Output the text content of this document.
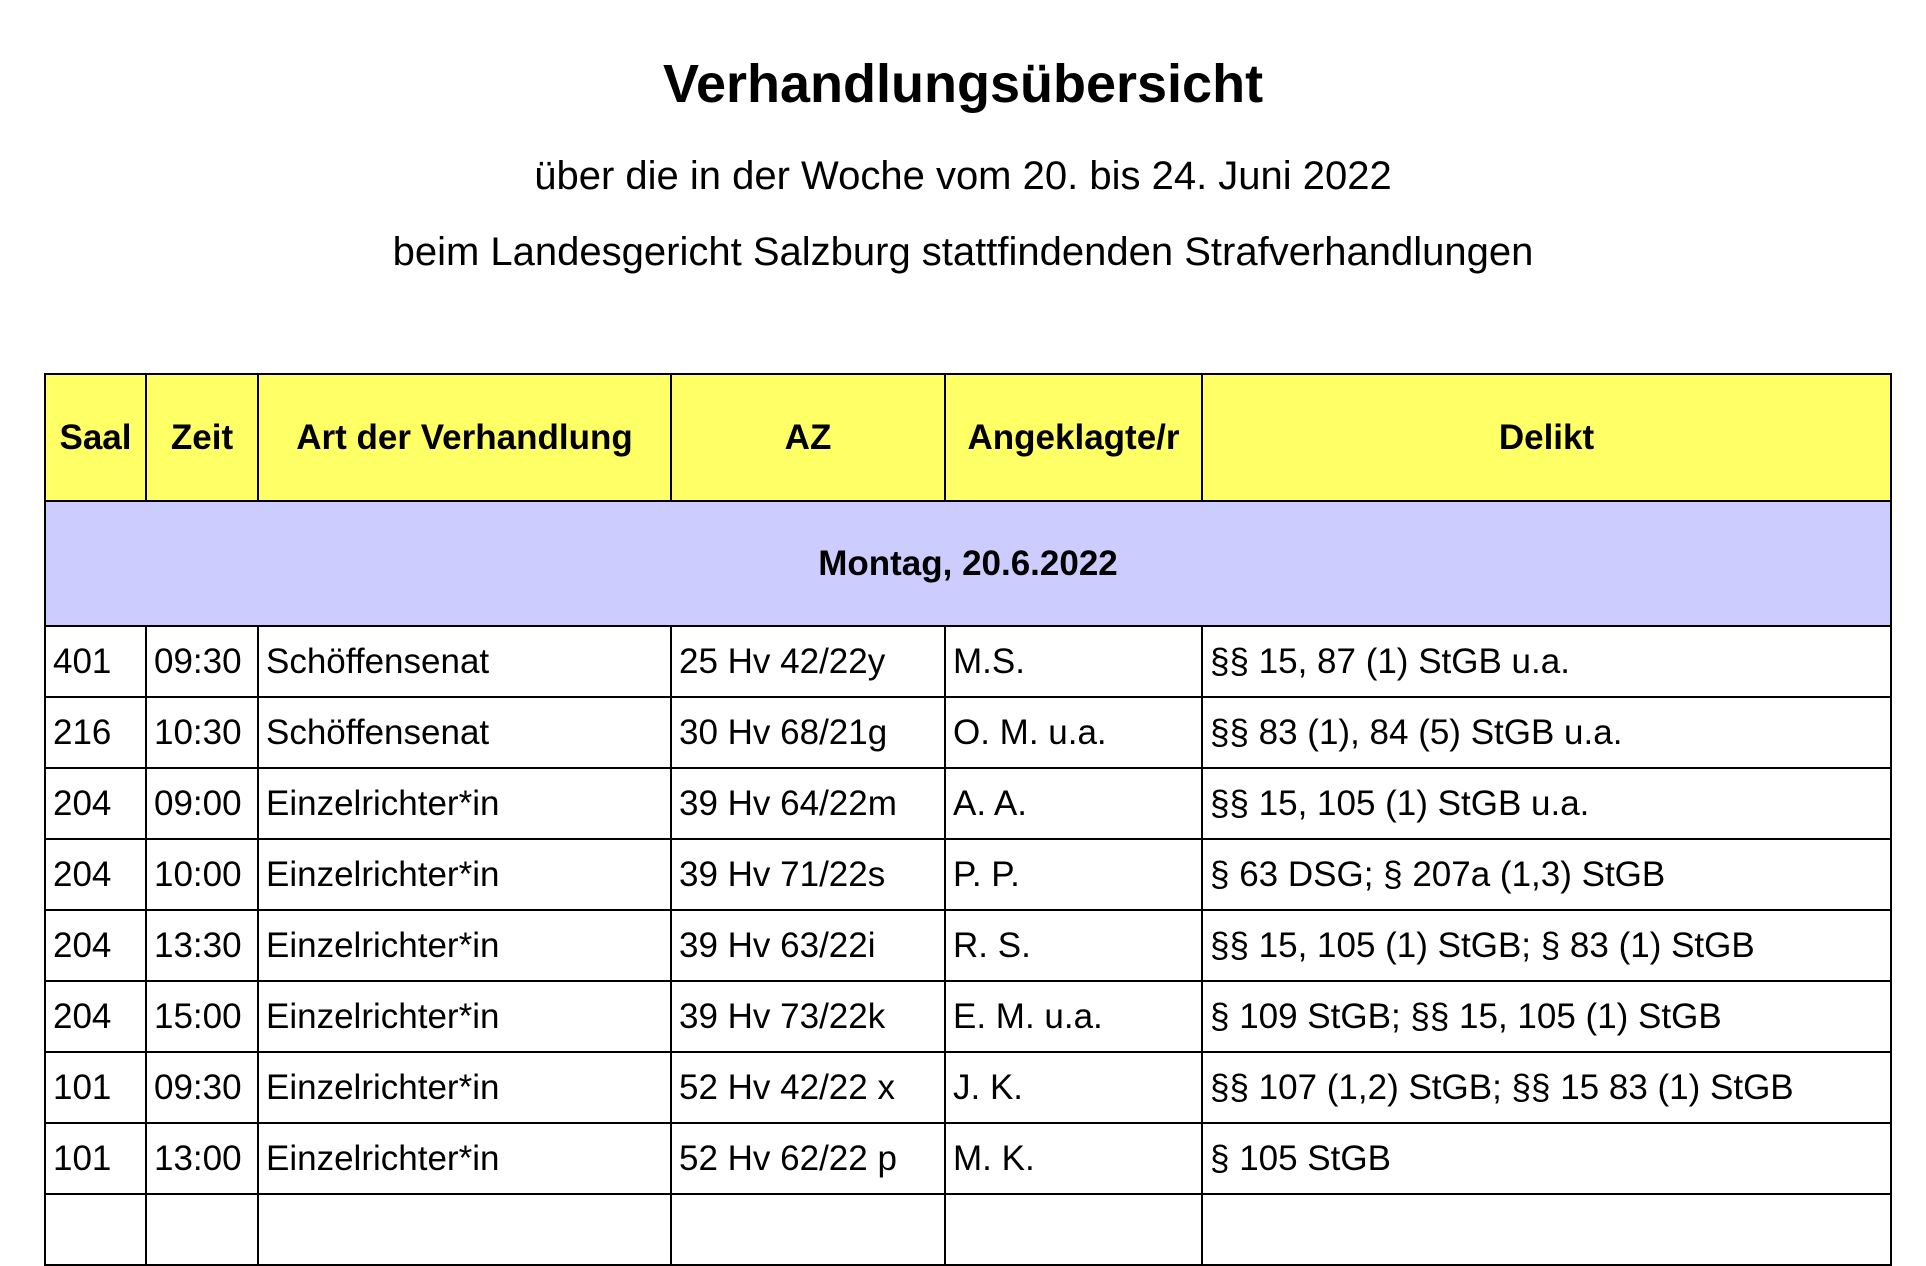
Verhandlungsübersicht
über die in der Woche vom 20. bis 24. Juni 2022
beim Landesgericht Salzburg stattfindenden Strafverhandlungen
Saal	Zeit	Art der Verhandlung	AZ	Angeklagte/r	Delikt
Montag, 20.6.2022					
401	09:30	Schöffensenat	25 Hv 42/22y	M.S.	§§ 15, 87 (1) StGB u.a.
216	10:30	Schöffensenat	30 Hv 68/21g	O. M. u.a.	§§ 83 (1), 84 (5) StGB u.a.
204	09:00	Einzelrichter*in	39 Hv 64/22m	A. A.	§§ 15, 105 (1) StGB u.a.
204	10:00	Einzelrichter*in	39 Hv 71/22s	P. P.	§ 63 DSG; § 207a (1,3) StGB
204	13:30	Einzelrichter*in	39 Hv 63/22i	R. S.	§§ 15, 105 (1) StGB; § 83 (1) StGB
204	15:00	Einzelrichter*in	39 Hv 73/22k	E. M. u.a.	§ 109 StGB; §§ 15, 105 (1) StGB
101	09:30	Einzelrichter*in	52 Hv 42/22 x	J. K.	§§ 107 (1,2) StGB; §§ 15 83 (1) StGB
101	13:00	Einzelrichter*in	52 Hv 62/22 p	M. K.	§ 105 StGB
